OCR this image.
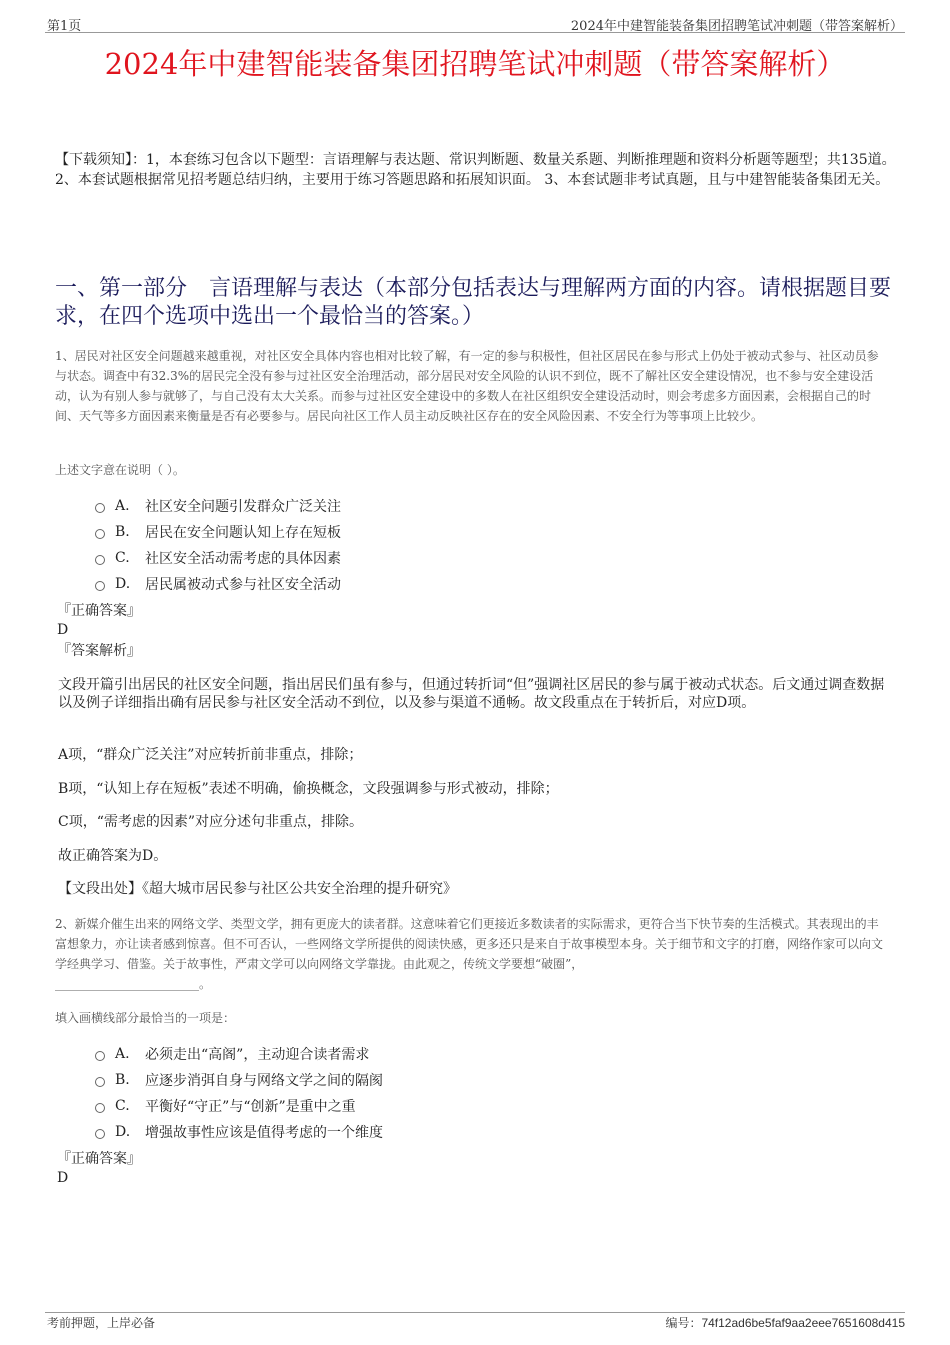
第1页	2024年中建智能装备集团招聘笔试冲刺题（带答案解析）
2024年中建智能装备集团招聘笔试冲刺题（带答案解析）
【下载须知】：1，本套练习包含以下题型：言语理解与表达题、常识判断题、数量关系题、判断推理题和资料分析题等题型；共135道。 2、本套试题根据常见招考题总结归纳，主要用于练习答题思路和拓展知识面。 3、本套试题非考试真题，且与中建智能装备集团无关。
一、第一部分　言语理解与表达（本部分包括表达与理解两方面的内容。请根据题目要求，在四个选项中选出一个最恰当的答案。）
1、居民对社区安全问题越来越重视，对社区安全具体内容也相对比较了解，有一定的参与积极性，但社区居民在参与形式上仍处于被动式参与、社区动员参与状态。调查中有32.3%的居民完全没有参与过社区安全治理活动，部分居民对安全风险的认识不到位，既不了解社区安全建设情况，也不参与安全建设活动，认为有别人参与就够了，与自己没有太大关系。而参与过社区安全建设中的多数人在社区组织安全建设活动时，则会考虑多方面因素，会根据自己的时间、天气等多方面因素来衡量是否有必要参与。居民向社区工作人员主动反映社区存在的安全风险因素、不安全行为等事项上比较少。
上述文字意在说明（ ）。
A.	社区安全问题引发群众广泛关注
B.	居民在安全问题认知上存在短板
C.	社区安全活动需考虑的具体因素
D.	居民属被动式参与社区安全活动
『正确答案』
D
『答案解析』
文段开篇引出居民的社区安全问题，指出居民们虽有参与，但通过转折词“但”强调社区居民的参与属于被动式状态。后文通过调查数据以及例子详细指出确有居民参与社区安全活动不到位，以及参与渠道不通畅。故文段重点在于转折后，对应D项。
A项，“群众广泛关注”对应转折前非重点，排除；
B项，“认知上存在短板”表述不明确，偷换概念，文段强调参与形式被动，排除；
C项，“需考虑的因素”对应分述句非重点，排除。
故正确答案为D。
【文段出处】《超大城市居民参与社区公共安全治理的提升研究》
2、新媒介催生出来的网络文学、类型文学，拥有更庞大的读者群。这意味着它们更接近多数读者的实际需求，更符合当下快节奏的生活模式。其表现出的丰富想象力，亦让读者感到惊喜。但不可否认，一些网络文学所提供的阅读快感，更多还只是来自于故事模型本身。关于细节和文字的打磨，网络作家可以向文学经典学习、借鉴。关于故事性，严肃文学可以向网络文学靠拢。由此观之，传统文学要想“破圈”，
________________________。
填入画横线部分最恰当的一项是：
A.	必须走出“高阁”，主动迎合读者需求
B.	应逐步消弭自身与网络文学之间的隔阂
C.	平衡好“守正”与“创新”是重中之重
D.	增强故事性应该是值得考虑的一个维度
『正确答案』
D
考前押题，上岸必备	编号：74f12ad6be5faf9aa2eee7651608d415
